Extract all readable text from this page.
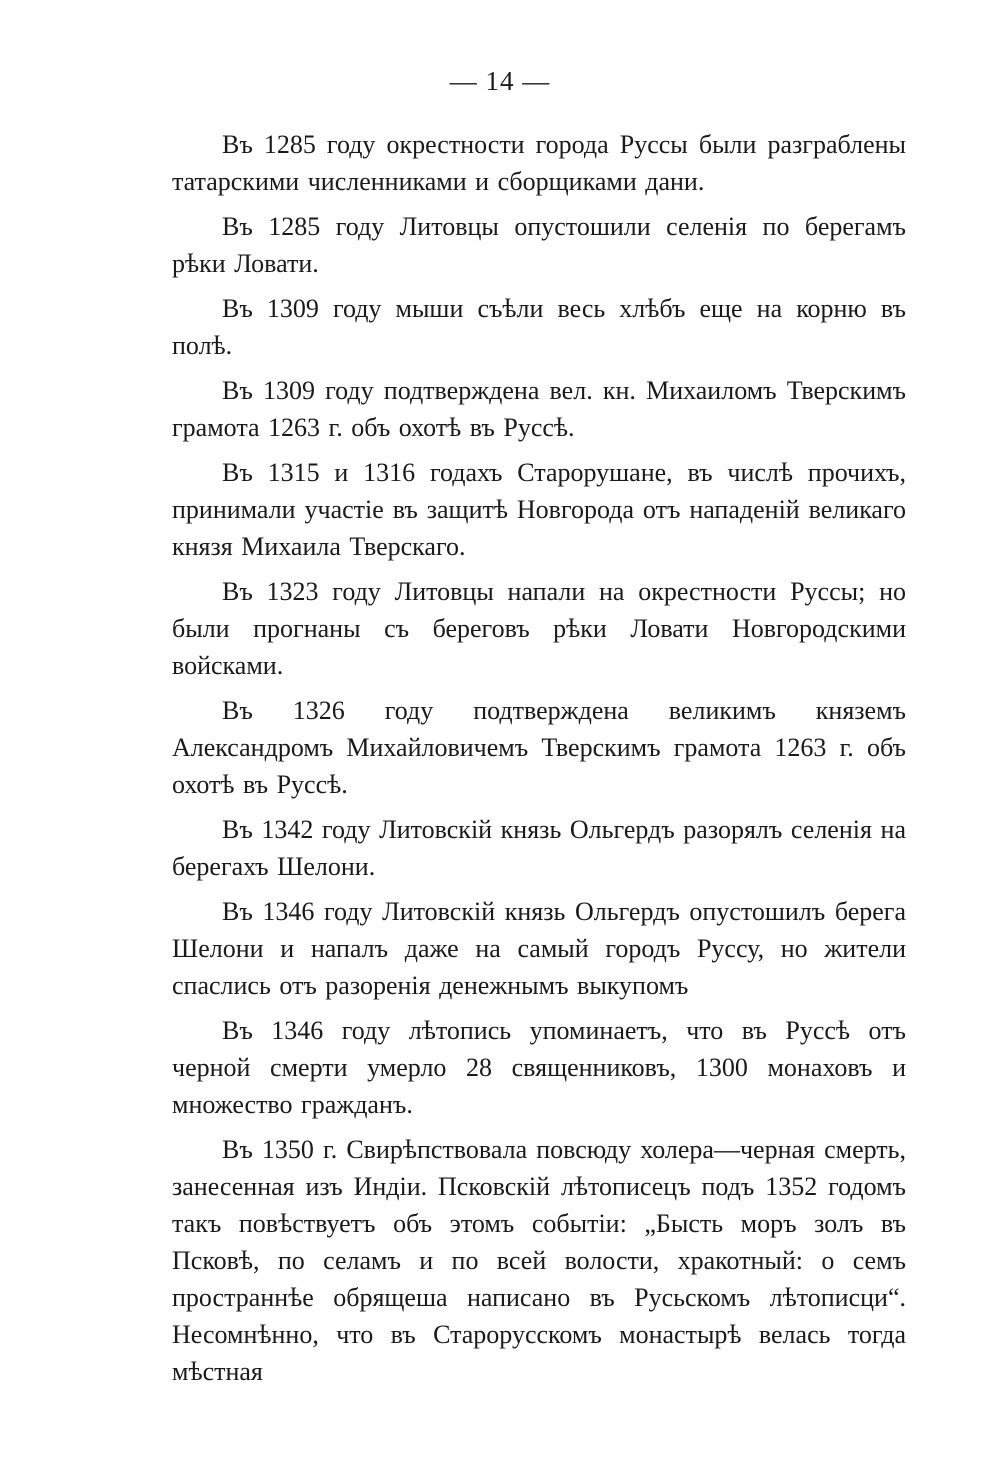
— 14 —

Въ 1285 году окрестности города Руссы были разграблены татарскими численниками и сборщиками дани.

Въ 1285 году Литовцы опустошили селенія по берегамъ рѣки Ловати.

Въ 1309 году мыши съѣли весь хлѣбъ еще на корню въ полѣ.

Въ 1309 году подтверждена вел. кн. Михаиломъ Тверскимъ грамота 1263 г. объ охотѣ въ Руссѣ.

Въ 1315 и 1316 годахъ Старорушане, въ числѣ прочихъ, принимали участіе въ защитѣ Новгорода отъ нападеній великаго князя Михаила Тверскаго.

Въ 1323 году Литовцы напали на окрестности Руссы; но были прогнаны съ береговъ рѣки Ловати Новгородскими войсками.

Въ 1326 году подтверждена великимъ княземъ Александромъ Михайловичемъ Тверскимъ грамота 1263 г. объ охотѣ въ Руссѣ.

Въ 1342 году Литовскій князь Ольгердъ разорялъ селенія на берегахъ Шелони.

Въ 1346 году Литовскій князь Ольгердъ опустошилъ берега Шелони и напалъ даже на самый городъ Руссу, но жители спаслись отъ разоренія денежнымъ выкупомъ

Въ 1346 году лѣтопись упоминаетъ, что въ Руссѣ отъ черной смерти умерло 28 священниковъ, 1300 монаховъ и множество гражданъ.

Въ 1350 г. Свирѣпствовала повсюду холера—черная смерть, занесенная изъ Индіи. Псковскій лѣтописецъ подъ 1352 годомъ такъ повѣствуетъ объ этомъ событіи: „Бысть моръ золъ въ Псковѣ, по селамъ и по всей волости, хракотный: о семъ пространнѣе обрящеша написано въ Русьскомъ лѣтописци“. Несомнѣнно, что въ Старорусскомъ монастырѣ велась тогда мѣстная
